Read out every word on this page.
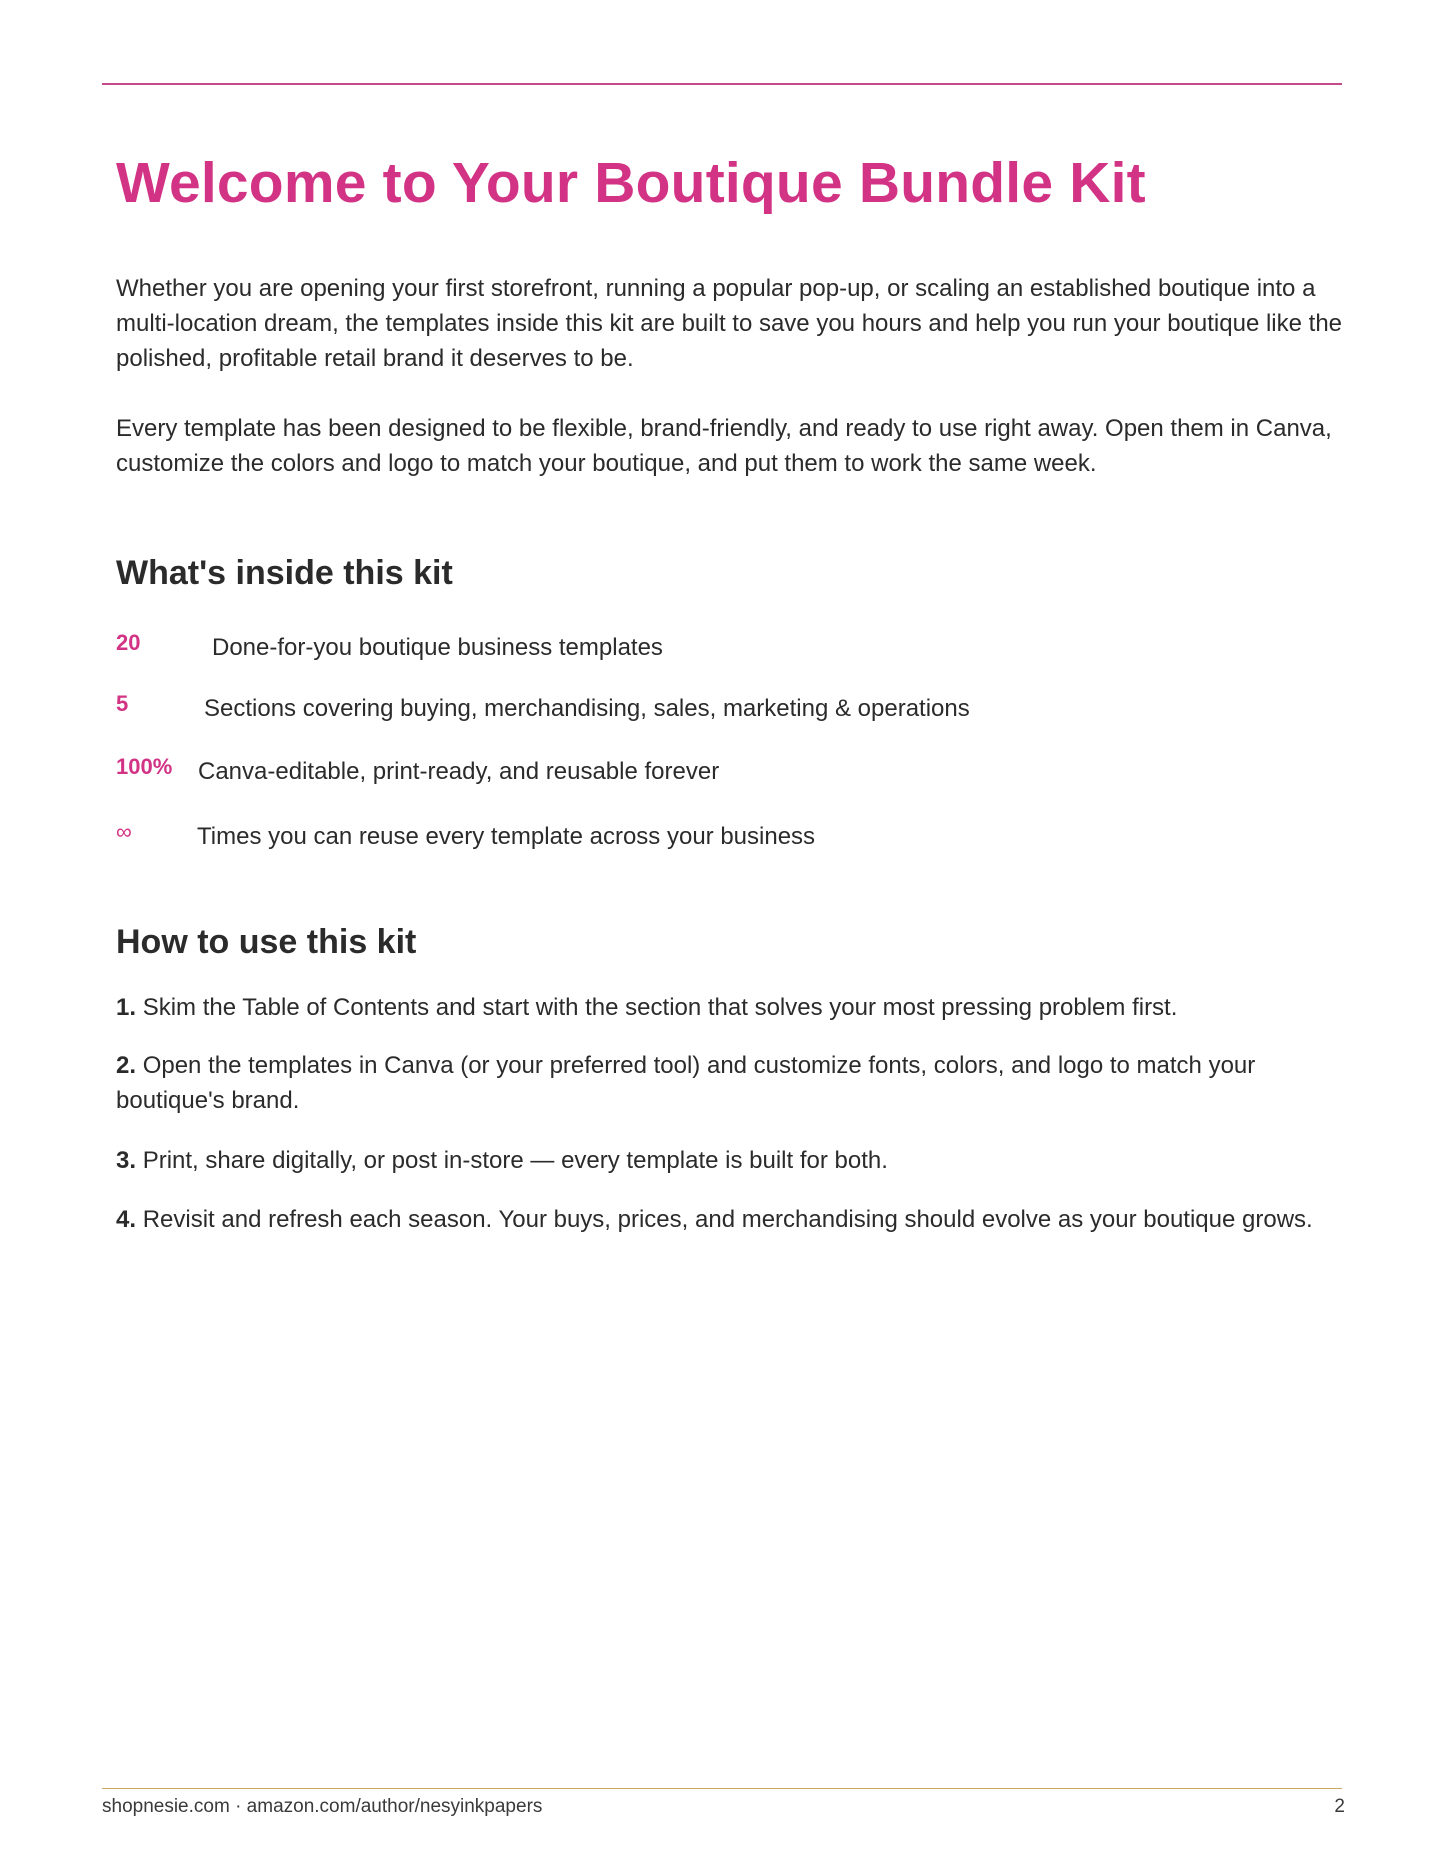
Welcome to Your Boutique Bundle Kit

Whether you are opening your first storefront, running a popular pop-up, or scaling an established boutique into a multi-location dream, the templates inside this kit are built to save you hours and help you run your boutique like the polished, profitable retail brand it deserves to be.

Every template has been designed to be flexible, brand-friendly, and ready to use right away. Open them in Canva, customize the colors and logo to match your boutique, and put them to work the same week.

What's inside this kit
20	Done-for-you boutique business templates
5	Sections covering buying, merchandising, sales, marketing & operations
100% Canva-editable, print-ready, and reusable forever
∞	Times you can reuse every template across your business
How to use this kit

1. Skim the Table of Contents and start with the section that solves your most pressing problem first.

2. Open the templates in Canva (or your preferred tool) and customize fonts, colors, and logo to match your boutique's brand.

3. Print, share digitally, or post in-store — every template is built for both.

4. Revisit and refresh each season. Your buys, prices, and merchandising should evolve as your boutique grows.

shopnesie.com · amazon.com/author/nesyinkpapers	2
